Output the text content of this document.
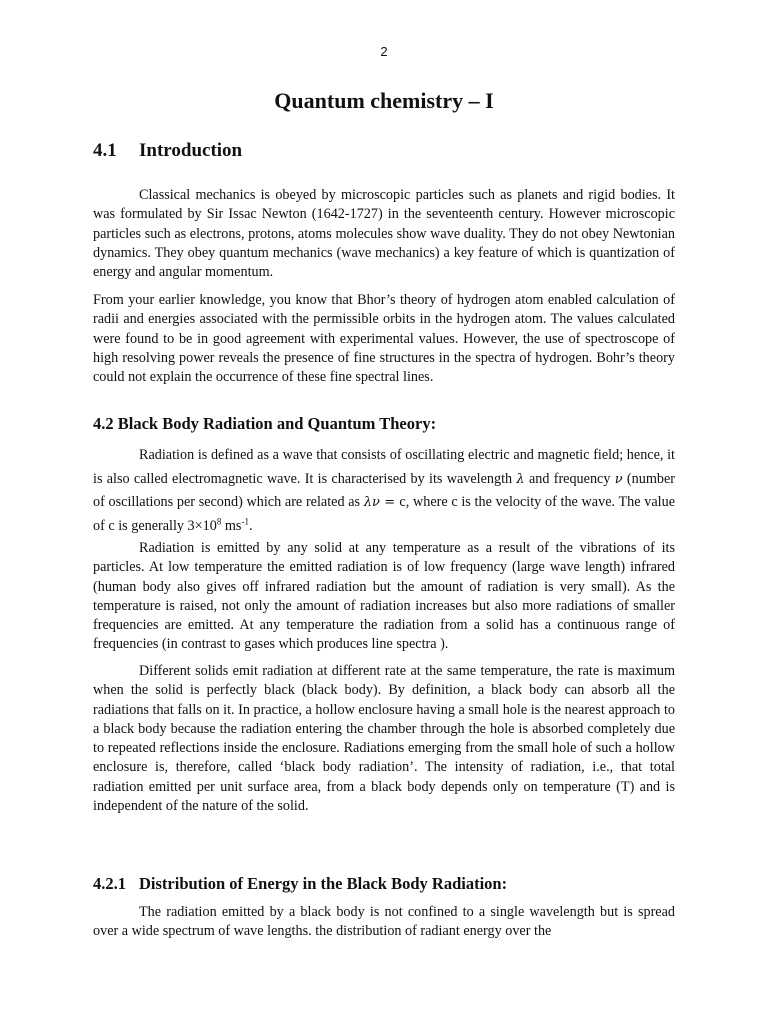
2
Quantum chemistry – I
4.1 Introduction

Classical mechanics is obeyed by microscopic particles such as planets and rigid bodies. It was formulated by Sir Issac Newton (1642-1727) in the seventeenth century. However microscopic particles such as electrons, protons, atoms molecules show wave duality. They do not obey Newtonian dynamics. They obey quantum mechanics (wave mechanics) a key feature of which is quantization of energy and angular momentum.

From your earlier knowledge, you know that Bhor’s theory of hydrogen atom enabled calculation of radii and energies associated with the permissible orbits in the hydrogen atom. The values calculated were found to be in good agreement with experimental values. However, the use of spectroscope of high resolving power reveals the presence of fine structures in the spectra of hydrogen. Bohr’s theory could not explain the occurrence of these fine spectral lines.

4.2 Black Body Radiation and Quantum Theory:

Radiation is defined as a wave that consists of oscillating electric and magnetic field; hence, it is also called electromagnetic wave. It is characterised by its wavelength λ and frequency ν (number of oscillations per second) which are related as λν = c, where c is the velocity of the wave. The value of c is generally $3\times 10^8$ $ms^{-1}$.

Radiation is emitted by any solid at any temperature as a result of the vibrations of its particles. At low temperature the emitted radiation is of low frequency (large wave length) infrared (human body also gives off infrared radiation but the amount of radiation is very small). As the temperature is raised, not only the amount of radiation increases but also more radiations of smaller frequencies are emitted. At any temperature the radiation from a solid has a continuous range of frequencies (in contrast to gases which produces line spectra ).

Different solids emit radiation at different rate at the same temperature, the rate is maximum when the solid is perfectly black (black body). By definition, a black body can absorb all the radiations that falls on it. In practice, a hollow enclosure having a small hole is the nearest approach to a black body because the radiation entering the chamber through the hole is absorbed completely due to repeated reflections inside the enclosure. Radiations emerging from the small hole of such a hollow enclosure is, therefore, called ‘black body radiation’. The intensity of radiation, i.e., that total radiation emitted per unit surface area, from a black body depends only on temperature (T) and is independent of the nature of the solid.

4.2.1 Distribution of Energy in the Black Body Radiation:

The radiation emitted by a black body is not confined to a single wavelength but is spread over a wide spectrum of wave lengths. the distribution of radiant energy over the
